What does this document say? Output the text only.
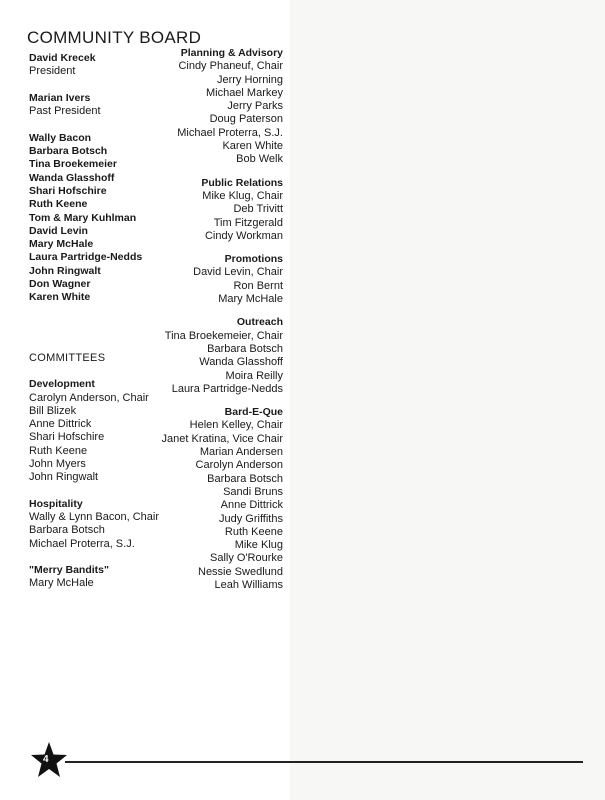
COMMUNITY BOARD
David Krecek
President
Marian Ivers
Past President
Wally Bacon
Barbara Botsch
Tina Broekemeier
Wanda Glasshoff
Shari Hofschire
Ruth Keene
Tom & Mary Kuhlman
David Levin
Mary McHale
Laura Partridge-Nedds
John Ringwalt
Don Wagner
Karen White
COMMITTEES
Development
Carolyn Anderson, Chair
Bill Blizek
Anne Dittrick
Shari Hofschire
Ruth Keene
John Myers
John Ringwalt
Hospitality
Wally & Lynn Bacon, Chair
Barbara Botsch
Michael Proterra, S.J.
"Merry Bandits"
Mary McHale
Planning & Advisory
Cindy Phaneuf, Chair
Jerry Horning
Michael Markey
Jerry Parks
Doug Paterson
Michael Proterra, S.J.
Karen White
Bob Welk
Public Relations
Mike Klug, Chair
Deb Trivitt
Tim Fitzgerald
Cindy Workman
Promotions
David Levin, Chair
Ron Bernt
Mary McHale
Outreach
Tina Broekemeier, Chair
Barbara Botsch
Wanda Glasshoff
Moira Reilly
Laura Partridge-Nedds
Bard-E-Que
Helen Kelley, Chair
Janet Kratina, Vice Chair
Marian Andersen
Carolyn Anderson
Barbara Botsch
Sandi Bruns
Anne Dittrick
Judy Griffiths
Ruth Keene
Mike Klug
Sally O'Rourke
Nessie Swedlund
Leah Williams
4
